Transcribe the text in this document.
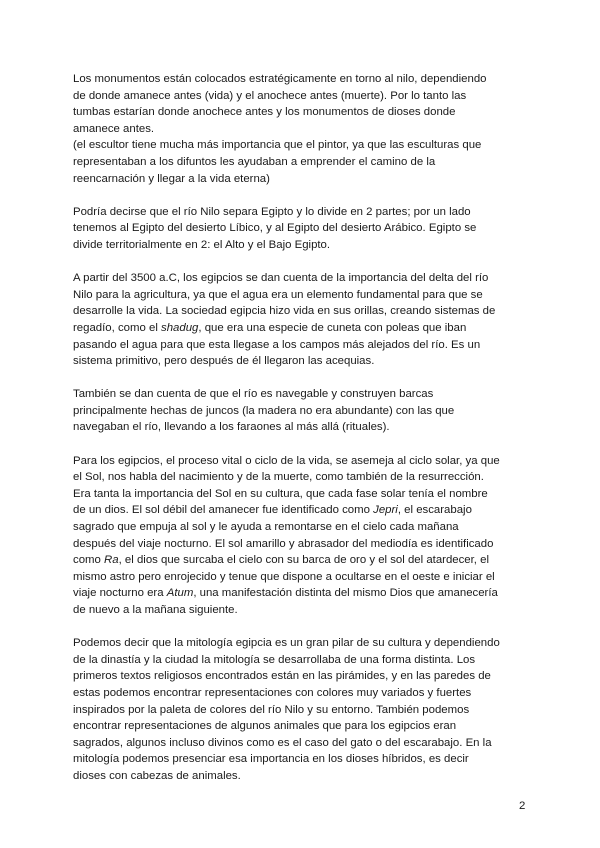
Los monumentos están colocados estratégicamente en torno al nilo, dependiendo
de donde amanece antes (vida) y el anochece antes (muerte). Por lo tanto las
tumbas estarían donde anochece antes y los monumentos de dioses donde
amanece antes.
(el escultor tiene mucha más importancia que el pintor, ya que las esculturas que
representaban a los difuntos les ayudaban a emprender el camino de la
reencarnación y llegar a la vida eterna)

Podría decirse que el río Nilo separa Egipto y lo divide en 2 partes; por un lado
tenemos al Egipto del desierto Líbico, y al Egipto del desierto Arábico. Egipto se
divide territorialmente en 2: el Alto y el Bajo Egipto.

A partir del 3500 a.C, los egipcios se dan cuenta de la importancia del delta del río
Nilo para la agricultura, ya que el agua era un elemento fundamental para que se
desarrolle la vida. La sociedad egipcia hizo vida en sus orillas, creando sistemas de
regadío, como el shadug, que era una especie de cuneta con poleas que iban
pasando el agua para que esta llegase a los campos más alejados del río. Es un
sistema primitivo, pero después de él llegaron las acequias.

También se dan cuenta de que el río es navegable y construyen barcas
principalmente hechas de juncos (la madera no era abundante) con las que
navegaban el río, llevando a los faraones al más allá (rituales).

Para los egipcios, el proceso vital o ciclo de la vida, se asemeja al ciclo solar, ya que
el Sol, nos habla del nacimiento y de la muerte, como también de la resurrección.
Era tanta la importancia del Sol en su cultura, que cada fase solar tenía el nombre
de un dios. El sol débil del amanecer fue identificado como Jepri, el escarabajo
sagrado que empuja al sol y le ayuda a remontarse en el cielo cada mañana
después del viaje nocturno. El sol amarillo y abrasador del mediodía es identificado
como Ra, el dios que surcaba el cielo con su barca de oro y el sol del atardecer, el
mismo astro pero enrojecido y tenue que dispone a ocultarse en el oeste e iniciar el
viaje nocturno era Atum, una manifestación distinta del mismo Dios que amanecería
de nuevo a la mañana siguiente.

Podemos decir que la mitología egipcia es un gran pilar de su cultura y dependiendo
de la dinastía y la ciudad la mitología se desarrollaba de una forma distinta. Los
primeros textos religiosos encontrados están en las pirámides, y en las paredes de
estas podemos encontrar representaciones con colores muy variados y fuertes
inspirados por la paleta de colores del río Nilo y su entorno. También podemos
encontrar representaciones de algunos animales que para los egipcios eran
sagrados, algunos incluso divinos como es el caso del gato o del escarabajo. En la
mitología podemos presenciar esa importancia en los dioses híbridos, es decir
dioses con cabezas de animales.

2
